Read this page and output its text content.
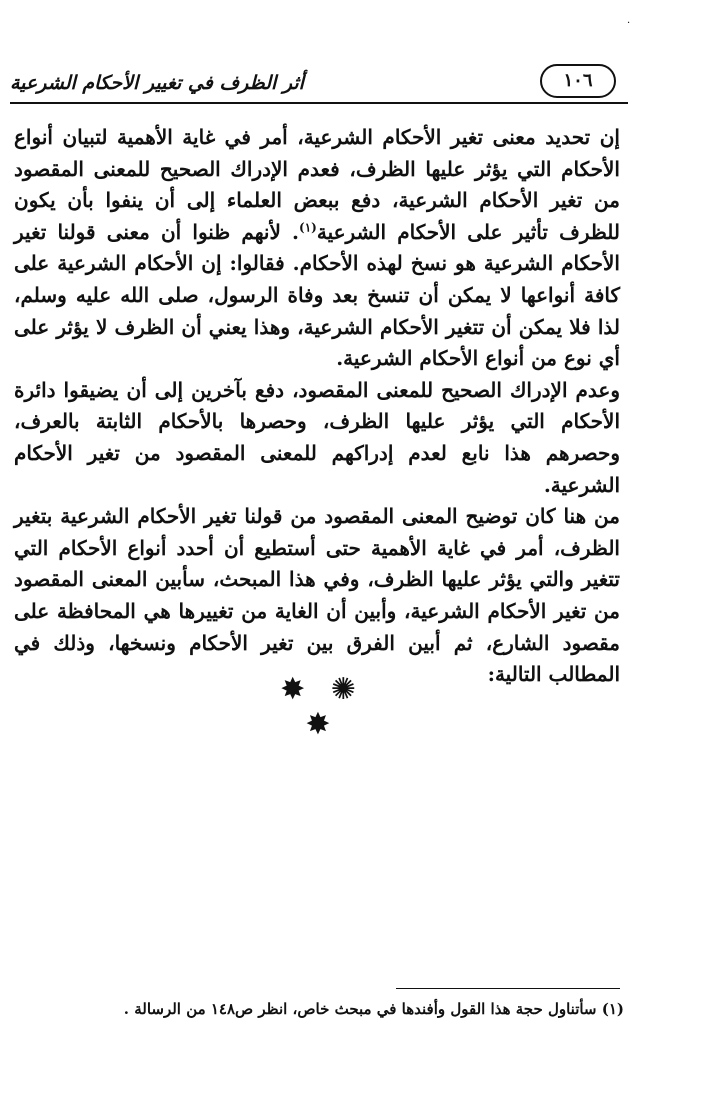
·
أثر الظرف في تغيير الأحكام الشرعية	١٠٦

إن تحديد معنى تغير الأحكام الشرعية، أمر في غاية الأهمية لتبيان أنواع الأحكام التي يؤثر عليها الظرف، فعدم الإدراك الصحيح للمعنى المقصود من تغير الأحكام الشرعية، دفع ببعض العلماء إلى أن ينفوا بأن يكون للظرف تأثير على الأحكام الشرعية$^{(١)}$. لأنهم ظنوا أن معنى قولنا تغير الأحكام الشرعية هو نسخ لهذه الأحكام. فقالوا: إن الأحكام الشرعية على كافة أنواعها لا يمكن أن تنسخ بعد وفاة الرسول، صلى الله عليه وسلم، لذا فلا يمكن أن تتغير الأحكام الشرعية، وهذا يعني أن الظرف لا يؤثر على أي نوع من أنواع الأحكام الشرعية.

وعدم الإدراك الصحيح للمعنى المقصود، دفع بآخرين إلى أن يضيقوا دائرة الأحكام التي يؤثر عليها الظرف، وحصرها بالأحكام الثابتة بالعرف، وحصرهم هذا نابع لعدم إدراكهم للمعنى المقصود من تغير الأحكام الشرعية.

من هنا كان توضيح المعنى المقصود من قولنا تغير الأحكام الشرعية بتغير الظرف، أمر في غاية الأهمية حتى أستطيع أن أحدد أنواع الأحكام التي تتغير والتي يؤثر عليها الظرف، وفي هذا المبحث، سأبين المعنى المقصود من تغير الأحكام الشرعية، وأبين أن الغاية من تغييرها هي المحافظة على مقصود الشارع، ثم أبين الفرق بين تغير الأحكام ونسخها، وذلك في المطالب التالية:

✸ ✺ ✸
(١) سأتناول حجة هذا القول وأفندها في مبحث خاص، انظر ص١٤٨ من الرسالة .
